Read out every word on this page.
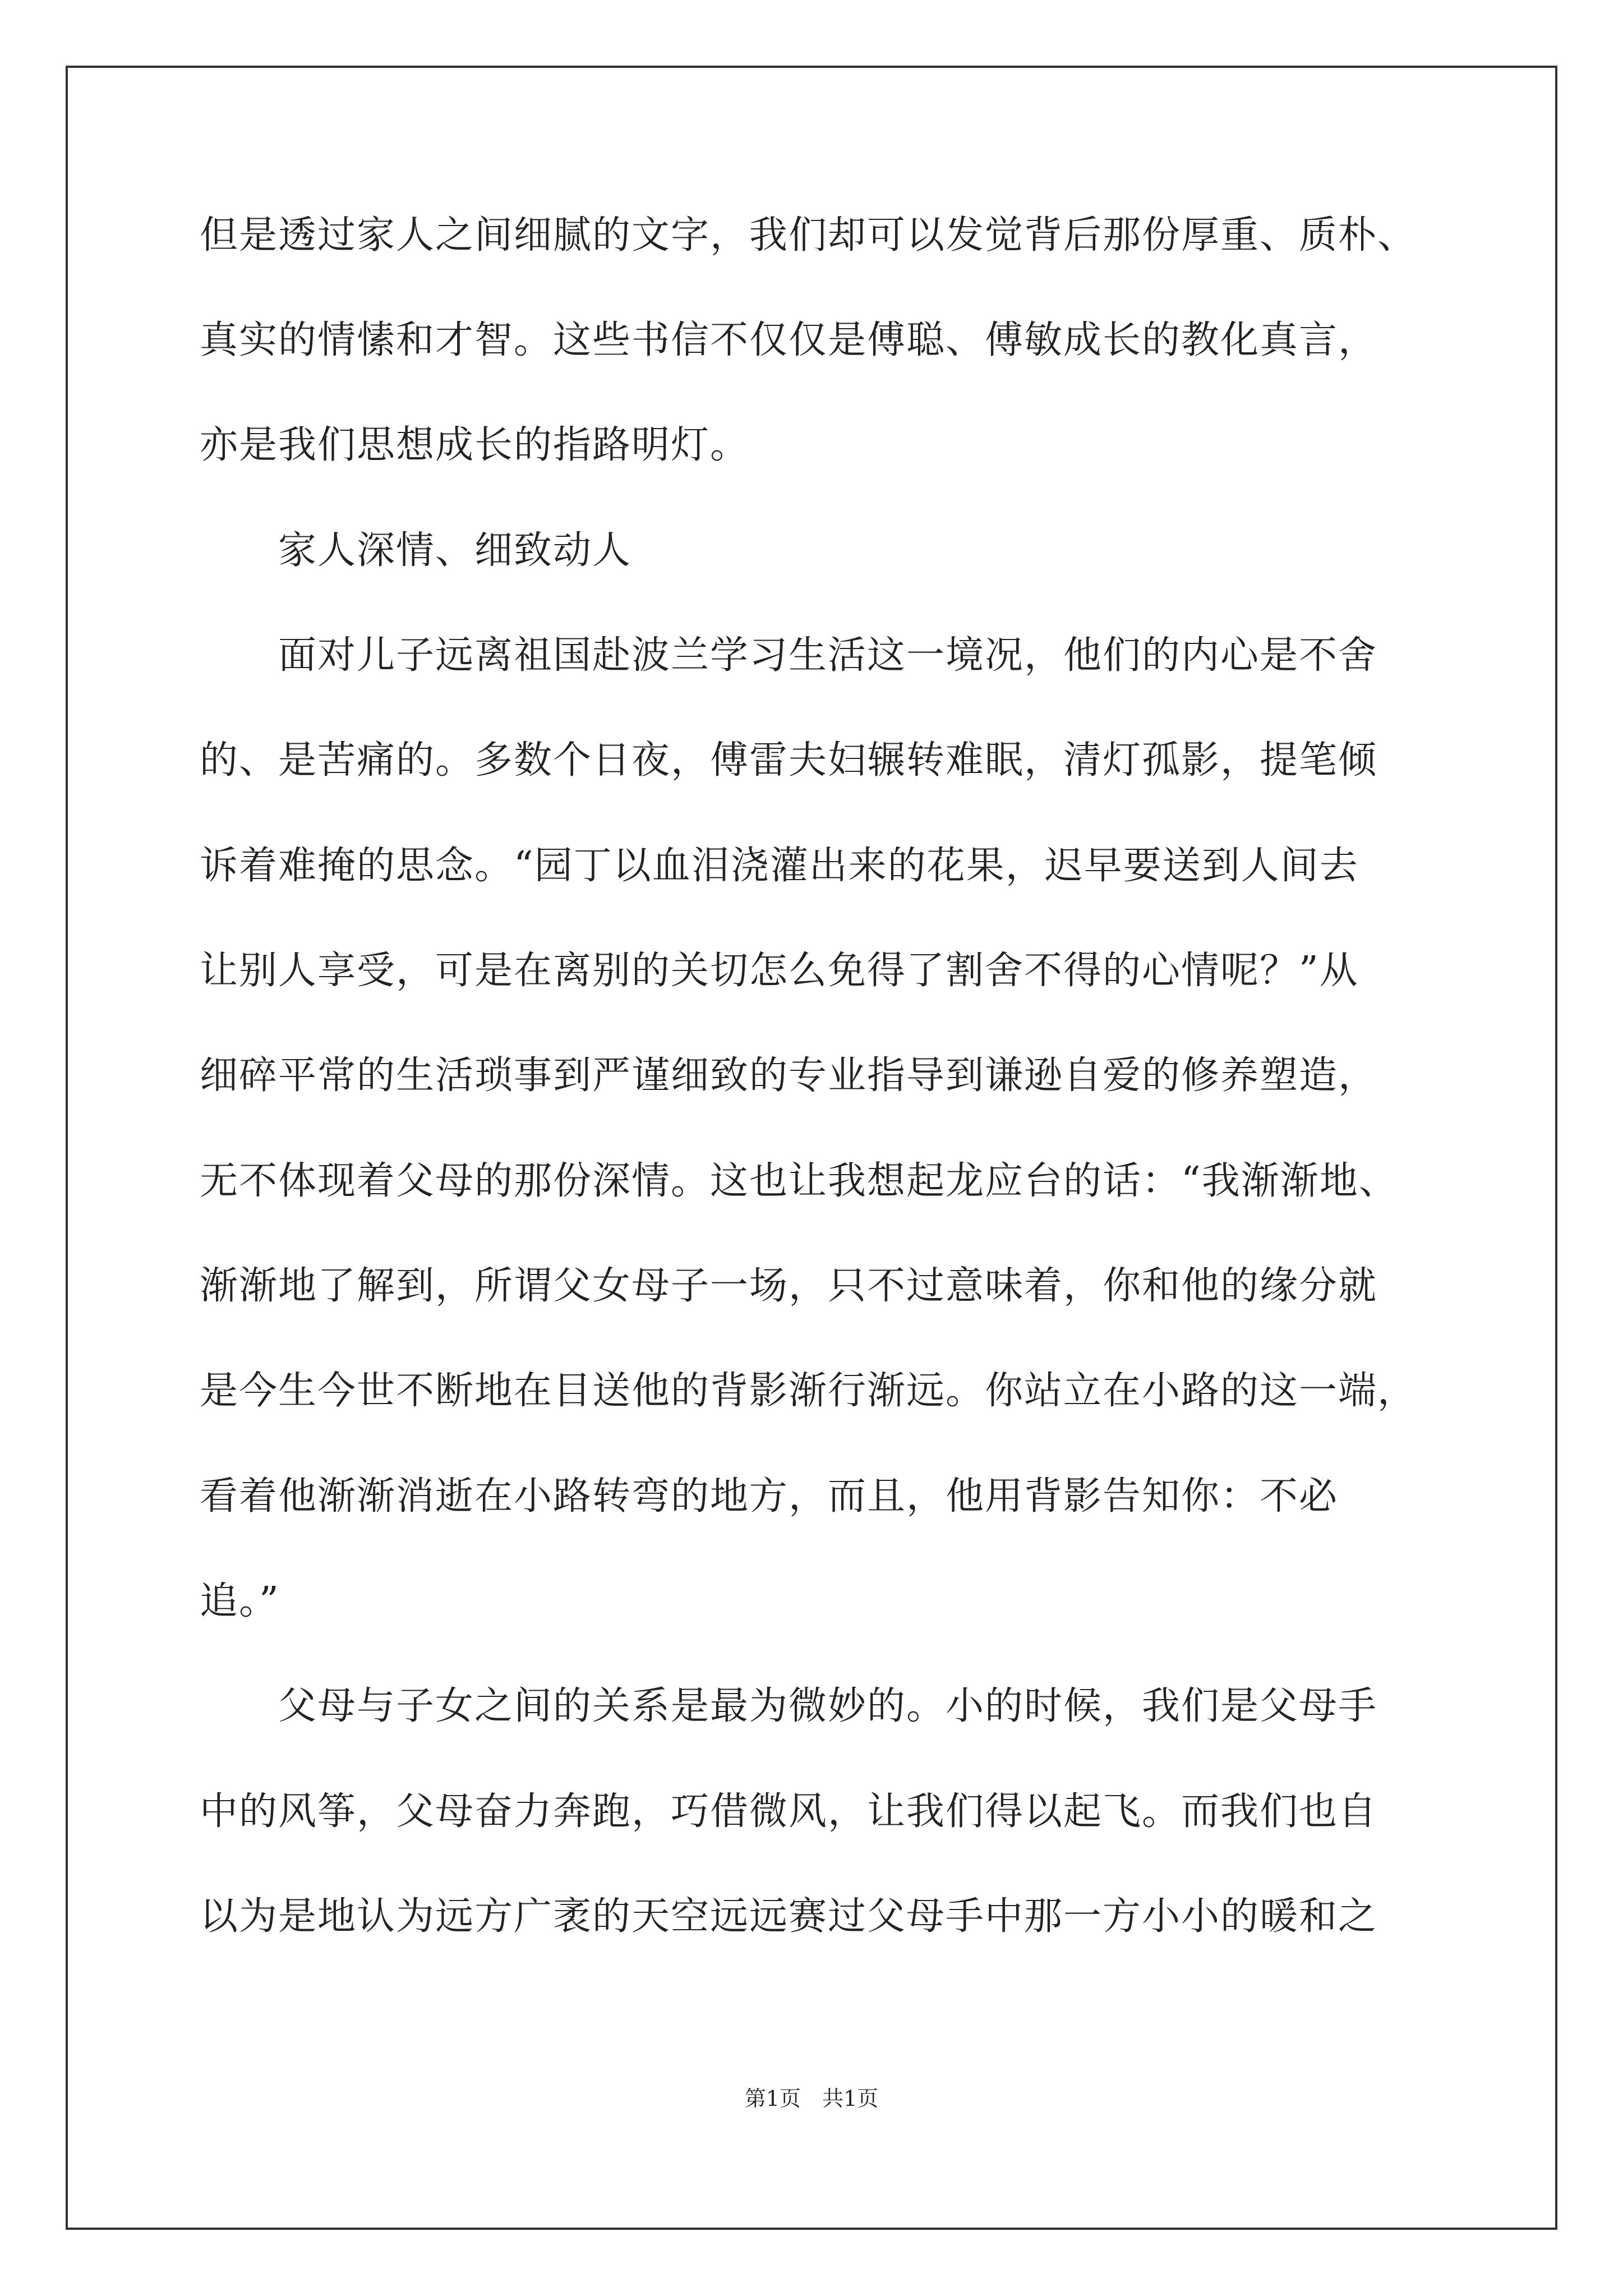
但是透过家人之间细腻的文字，我们却可以发觉背后那份厚重、质朴、
真实的情愫和才智。这些书信不仅仅是傅聪、傅敏成长的教化真言，
亦是我们思想成长的指路明灯。
　　家人深情、细致动人
　　面对儿子远离祖国赴波兰学习生活这一境况，他们的内心是不舍
的、是苦痛的。多数个日夜，傅雷夫妇辗转难眠，清灯孤影，提笔倾
诉着难掩的思念。“园丁以血泪浇灌出来的花果，迟早要送到人间去
让别人享受，可是在离别的关切怎么免得了割舍不得的心情呢？”从
细碎平常的生活琐事到严谨细致的专业指导到谦逊自爱的修养塑造，
无不体现着父母的那份深情。这也让我想起龙应台的话：“我渐渐地、
渐渐地了解到，所谓父女母子一场，只不过意味着，你和他的缘分就
是今生今世不断地在目送他的背影渐行渐远。你站立在小路的这一端，
看着他渐渐消逝在小路转弯的地方，而且，他用背影告知你：不必
追。”
　　父母与子女之间的关系是最为微妙的。小的时候，我们是父母手
中的风筝，父母奋力奔跑，巧借微风，让我们得以起飞。而我们也自
以为是地认为远方广袤的天空远远赛过父母手中那一方小小的暖和之
第1页　共1页
